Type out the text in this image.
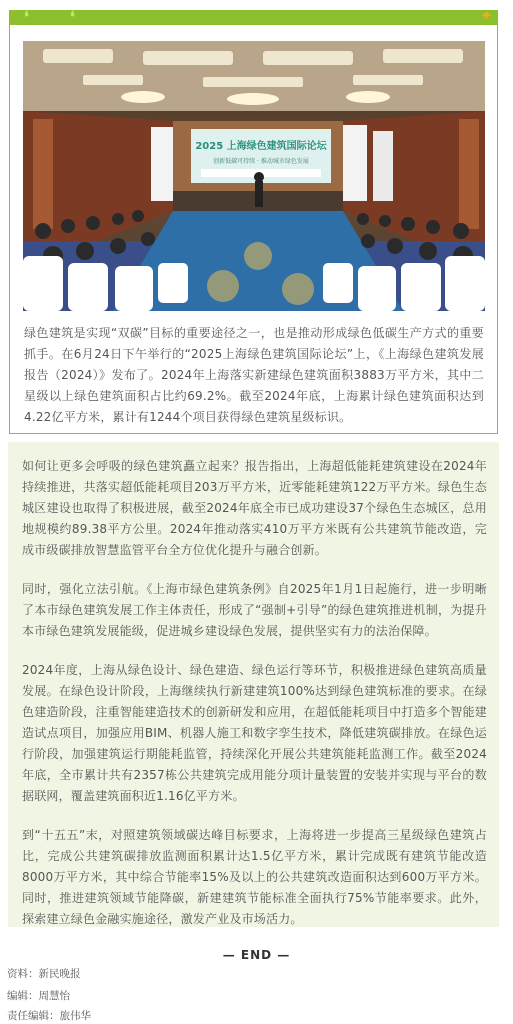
❛	❛	✦
2025 上海绿色建筑国际论坛
创新低碳可持续 · 推动城市绿色发展
绿色建筑是实现“双碳”目标的重要途径之一，也是推动形成绿色低碳生产方式的重要抓手。在6月24日下午举行的“2025上海绿色建筑国际论坛”上，《上海绿色建筑发展报告（2024）》发布了。2024年上海落实新建绿色建筑面积3883万平方米，其中二星级以上绿色建筑面积占比约69.2%。截至2024年底，上海累计绿色建筑面积达到4.22亿平方米，累计有1244个项目获得绿色建筑星级标识。

如何让更多会呼吸的绿色建筑矗立起来？报告指出，上海超低能耗建筑建设在2024年持续推进，共落实超低能耗项目203万平方米，近零能耗建筑122万平方米。绿色生态城区建设也取得了积极进展，截至2024年底全市已成功建设37个绿色生态城区，总用地规模约89.38平方公里。2024年推动落实410万平方米既有公共建筑节能改造，完成市级碳排放智慧监管平台全方位优化提升与融合创新。

同时，强化立法引航。《上海市绿色建筑条例》自2025年1月1日起施行，进一步明晰了本市绿色建筑发展工作主体责任，形成了“强制+引导”的绿色建筑推进机制，为提升本市绿色建筑发展能级，促进城乡建设绿色发展，提供坚实有力的法治保障。

2024年度，上海从绿色设计、绿色建造、绿色运行等环节，积极推进绿色建筑高质量发展。在绿色设计阶段，上海继续执行新建建筑100%达到绿色建筑标准的要求。在绿色建造阶段，注重智能建造技术的创新研发和应用，在超低能耗项目中打造多个智能建造试点项目，加强应用BIM、机器人施工和数字孪生技术，降低建筑碳排放。在绿色运行阶段，加强建筑运行期能耗监管，持续深化开展公共建筑能耗监测工作。截至2024年底，全市累计共有2357栋公共建筑完成用能分项计量装置的安装并实现与平台的数据联网，覆盖建筑面积近1.16亿平方米。

到“十五五”末，对照建筑领域碳达峰目标要求，上海将进一步提高三星级绿色建筑占比，完成公共建筑碳排放监测面积累计达1.5亿平方米，累计完成既有建筑节能改造8000万平方米，其中综合节能率15%及以上的公共建筑改造面积达到600万平方米。同时，推进建筑领域节能降碳，新建建筑节能标准全面执行75%节能率要求。此外，探索建立绿色金融实施途径，激发产业及市场活力。

— END —
资料：新民晚报
编辑：周慧怡
责任编辑：旅伟华
